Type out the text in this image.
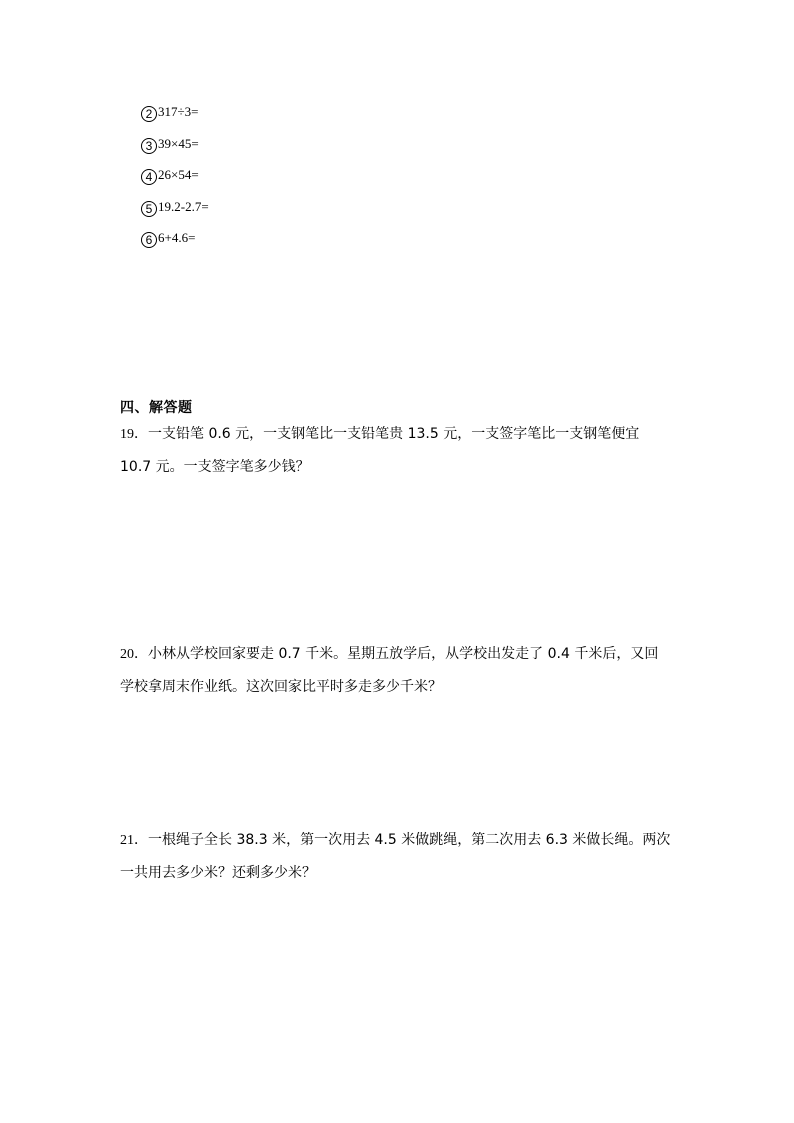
2 317÷3=
3 39×45=
4 26×54=
5 19.2-2.7=
6 6+4.6=
四、解答题
19．一支铅笔 0.6 元，一支钢笔比一支铅笔贵 13.5 元，一支签字笔比一支钢笔便宜
10.7 元。一支签字笔多少钱？
20．小林从学校回家要走 0.7 千米。星期五放学后，从学校出发走了 0.4 千米后，又回
学校拿周末作业纸。这次回家比平时多走多少千米？
21．一根绳子全长 38.3 米，第一次用去 4.5 米做跳绳，第二次用去 6.3 米做长绳。两次
一共用去多少米？还剩多少米？
